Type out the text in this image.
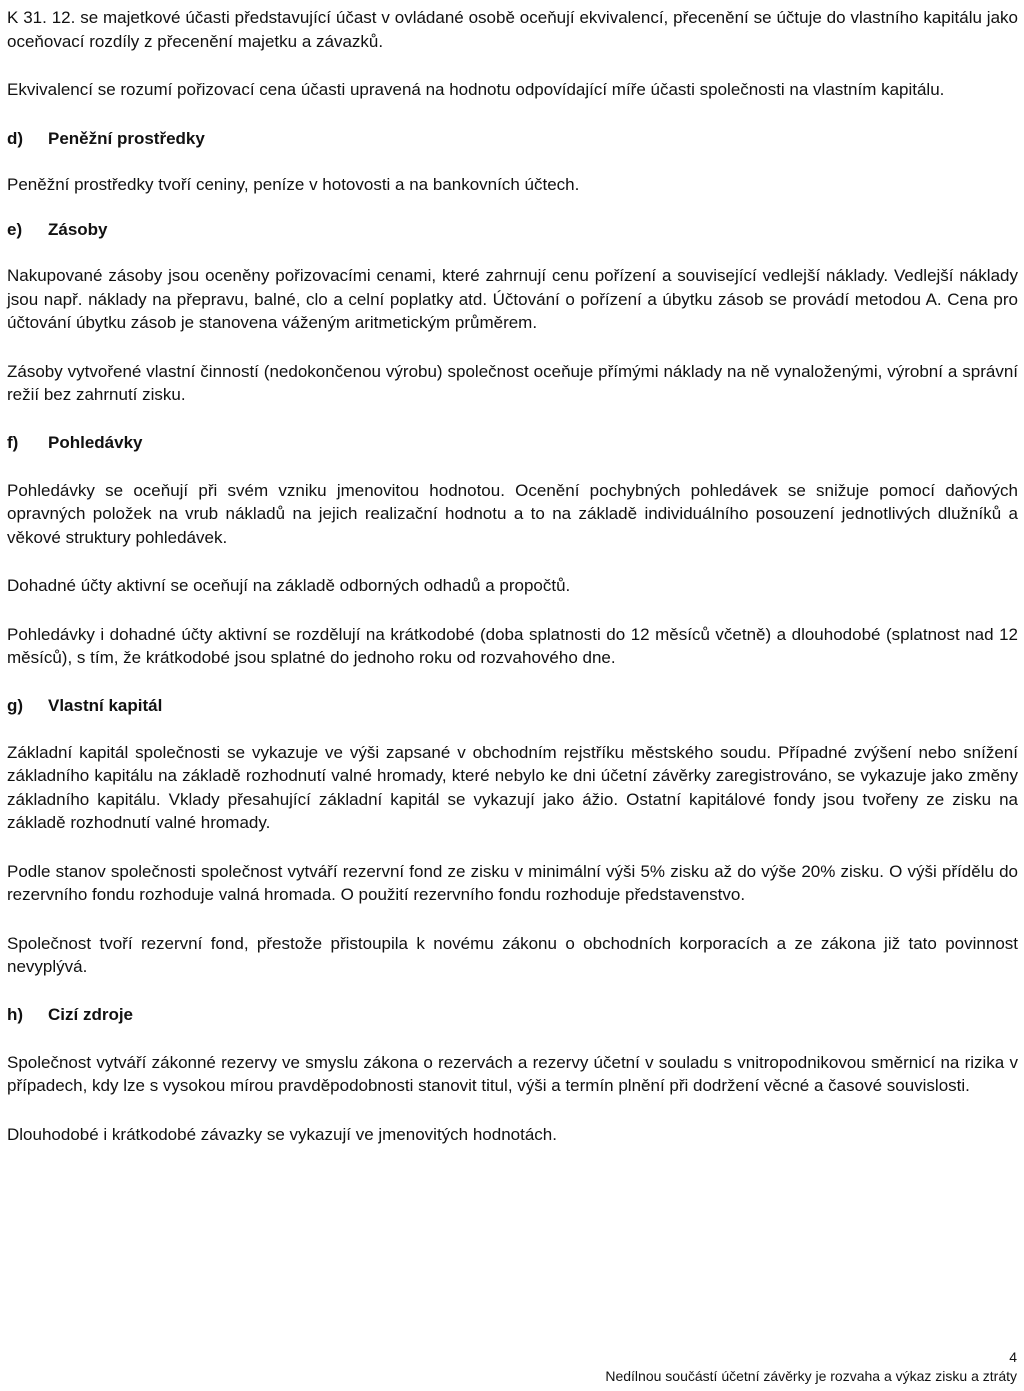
K 31. 12. se majetkové účasti představující účast v ovládané osobě oceňují ekvivalencí, přecenění se účtuje do vlastního kapitálu jako oceňovací rozdíly z přecenění majetku a závazků.

Ekvivalencí se rozumí pořizovací cena účasti upravená na hodnotu odpovídající míře účasti společnosti na vlastním kapitálu.

d)	Peněžní prostředky

Peněžní prostředky tvoří ceniny, peníze v hotovosti a na bankovních účtech.

e)	Zásoby

Nakupované zásoby jsou oceněny pořizovacími cenami, které zahrnují cenu pořízení a související vedlejší náklady. Vedlejší náklady jsou např. náklady na přepravu, balné, clo a celní poplatky atd. Účtování o pořízení a úbytku zásob se provádí metodou A. Cena pro účtování úbytku zásob je stanovena váženým aritmetickým průměrem.

Zásoby vytvořené vlastní činností (nedokončenou výrobu) společnost oceňuje přímými náklady na ně vynaloženými, výrobní a správní režií bez zahrnutí zisku.

f)	Pohledávky

Pohledávky se oceňují při svém vzniku jmenovitou hodnotou. Ocenění pochybných pohledávek se snižuje pomocí daňových opravných položek na vrub nákladů na jejich realizační hodnotu a to na základě individuálního posouzení jednotlivých dlužníků a věkové struktury pohledávek.

Dohadné účty aktivní se oceňují na základě odborných odhadů a propočtů.

Pohledávky i dohadné účty aktivní se rozdělují na krátkodobé (doba splatnosti do 12 měsíců včetně) a dlouhodobé (splatnost nad 12 měsíců), s tím, že krátkodobé jsou splatné do jednoho roku od rozvahového dne.

g)	Vlastní kapitál

Základní kapitál společnosti se vykazuje ve výši zapsané v obchodním rejstříku městského soudu. Případné zvýšení nebo snížení základního kapitálu na základě rozhodnutí valné hromady, které nebylo ke dni účetní závěrky zaregistrováno, se vykazuje jako změny základního kapitálu. Vklady přesahující základní kapitál se vykazují jako ážio. Ostatní kapitálové fondy jsou tvořeny ze zisku na základě rozhodnutí valné hromady.

Podle stanov společnosti společnost vytváří rezervní fond ze zisku v minimální výši 5% zisku až do výše 20% zisku. O výši přídělu do rezervního fondu rozhoduje valná hromada. O použití rezervního fondu rozhoduje představenstvo.

Společnost tvoří rezervní fond, přestože přistoupila k novému zákonu o obchodních korporacích a ze zákona již tato povinnost nevyplývá.

h)	Cizí zdroje

Společnost vytváří zákonné rezervy ve smyslu zákona o rezervách a rezervy účetní v souladu s vnitropodnikovou směrnicí na rizika v případech, kdy lze s vysokou mírou pravděpodobnosti stanovit titul, výši a termín plnění při dodržení věcné a časové souvislosti.

Dlouhodobé i krátkodobé závazky se vykazují ve jmenovitých hodnotách.

4
Nedílnou součástí účetní závěrky je rozvaha a výkaz zisku a ztráty
